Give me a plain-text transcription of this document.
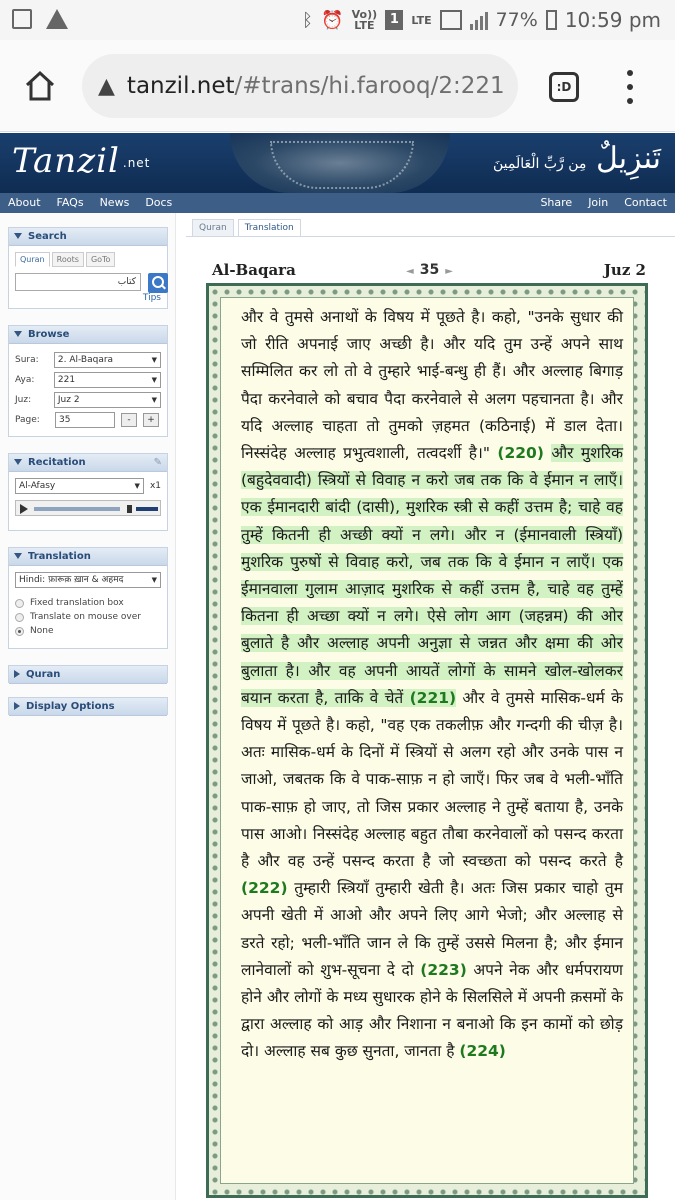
ᛒ ⏰ Vo)) LTE	1	LTE	77% 10:59 pm
▲ tanzil.net /#trans/hi.farooq/2:221	:D
Tanzil .net	تَنزِيلٌ مِن رَّبِّ الْعَالَمِينَ
About FAQs News Docs	Share Join Contact
Search
Quran	Roots	GoTo
كتاب
Tips
Browse
Sura:	2. Al-Baqara ▼
Aya:	221 ▼
Juz:	Juz 2 ▼
Page:	35	-	+
Recitation	✎
Al-Afasy ▼	x1
Translation
Hindi: फ़ारूक़ ख़ान & अहमद ▼
Fixed translation box
Translate on mouse over
None
Quran
Display Options
Quran	Translation
Al-Baqara	◄ 35 ►	Juz 2
और वे तुमसे अनाथों के विषय में पूछते है। कहो, "उनके सुधार की जो रीति अपनाई जाए अच्छी है। और यदि तुम उन्हें अपने साथ सम्मिलित कर लो तो वे तुम्हारे भाई-बन्धु ही हैं। और अल्लाह बिगाड़ पैदा करनेवाले को बचाव पैदा करनेवाले से अलग पहचानता है। और यदि अल्लाह चाहता तो तुमको ज़हमत (कठिनाई) में डाल देता। निस्संदेह अल्लाह प्रभुत्वशाली, तत्वदर्शी है।" (220) और मुशरिक (बहुदेववादी) स्त्रियों से विवाह न करो जब तक कि वे ईमान न लाएँ। एक ईमानदारी बांदी (दासी), मुशरिक स्त्री से कहीं उत्तम है; चाहे वह तुम्हें कितनी ही अच्छी क्यों न लगे। और न (ईमानवाली स्त्रियाँ) मुशरिक पुरुषों से विवाह करो, जब तक कि वे ईमान न लाएँ। एक ईमानवाला गुलाम आज़ाद मुशरिक से कहीं उत्तम है, चाहे वह तुम्हें कितना ही अच्छा क्यों न लगे। ऐसे लोग आग (जहन्नम) की ओर बुलाते है और अल्लाह अपनी अनुज्ञा से जन्नत और क्षमा की ओर बुलाता है। और वह अपनी आयतें लोगों के सामने खोल-खोलकर बयान करता है, ताकि वे चेतें (221) और वे तुमसे मासिक-धर्म के विषय में पूछते है। कहो, "वह एक तकलीफ़ और गन्दगी की चीज़ है। अतः मासिक-धर्म के दिनों में स्त्रियों से अलग रहो और उनके पास न जाओ, जबतक कि वे पाक-साफ़ न हो जाएँ। फिर जब वे भली-भाँति पाक-साफ़ हो जाए, तो जिस प्रकार अल्लाह ने तुम्हें बताया है, उनके पास आओ। निस्संदेह अल्लाह बहुत तौबा करनेवालों को पसन्द करता है और वह उन्हें पसन्द करता है जो स्वच्छता को पसन्द करते है (222) तुम्हारी स्त्रियाँ तुम्हारी खेती है। अतः जिस प्रकार चाहो तुम अपनी खेती में आओ और अपने लिए आगे भेजो; और अल्लाह से डरते रहो; भली-भाँति जान ले कि तुम्हें उससे मिलना है; और ईमान लानेवालों को शुभ-सूचना दे दो (223) अपने नेक और धर्मपरायण होने और लोगों के मध्य सुधारक होने के सिलसिले में अपनी क़समों के द्वारा अल्लाह को आड़ और निशाना न बनाओ कि इन कामों को छोड़ दो। अल्लाह सब कुछ सुनता, जानता है (224)
